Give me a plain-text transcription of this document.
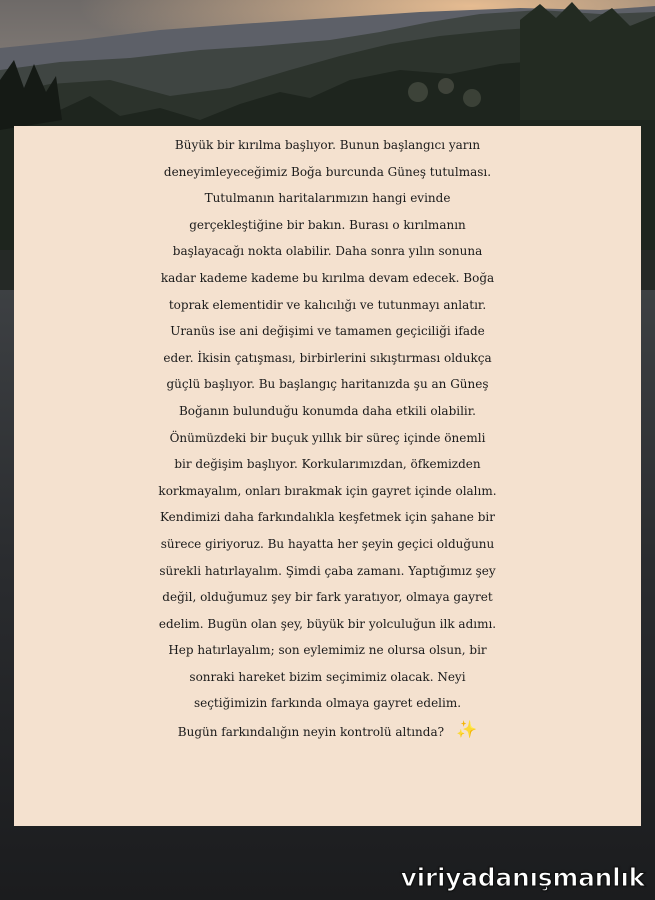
Büyük bir kırılma başlıyor. Bunun başlangıcı yarın
deneyimleyeceğimiz Boğa burcunda Güneş tutulması.
Tutulmanın haritalarımızın hangi evinde
gerçekleştiğine bir bakın. Burası o kırılmanın
başlayacağı nokta olabilir. Daha sonra yılın sonuna
kadar kademe kademe bu kırılma devam edecek. Boğa
toprak elementidir ve kalıcılığı ve tutunmayı anlatır.
Uranüs ise ani değişimi ve tamamen geçiciliği ifade
eder. İkisin çatışması, birbirlerini sıkıştırması oldukça
güçlü başlıyor. Bu başlangıç haritanızda şu an Güneş
Boğanın bulunduğu konumda daha etkili olabilir.
Önümüzdeki bir buçuk yıllık bir süreç içinde önemli
bir değişim başlıyor. Korkularımızdan, öfkemizden
korkmayalım, onları bırakmak için gayret içinde olalım.
Kendimizi daha farkındalıkla keşfetmek için şahane bir
sürece giriyoruz. Bu hayatta her şeyin geçici olduğunu
sürekli hatırlayalım. Şimdi çaba zamanı. Yaptığımız şey
değil, olduğumuz şey bir fark yaratıyor, olmaya gayret
edelim. Bugün olan şey, büyük bir yolculuğun ilk adımı.
Hep hatırlayalım; son eylemimiz ne olursa olsun, bir
sonraki hareket bizim seçimimiz olacak. Neyi
seçtiğimizin farkında olmaya gayret edelim.
Bugün farkındalığın neyin kontrolü altında? ✨

viriyadanışmanlık
